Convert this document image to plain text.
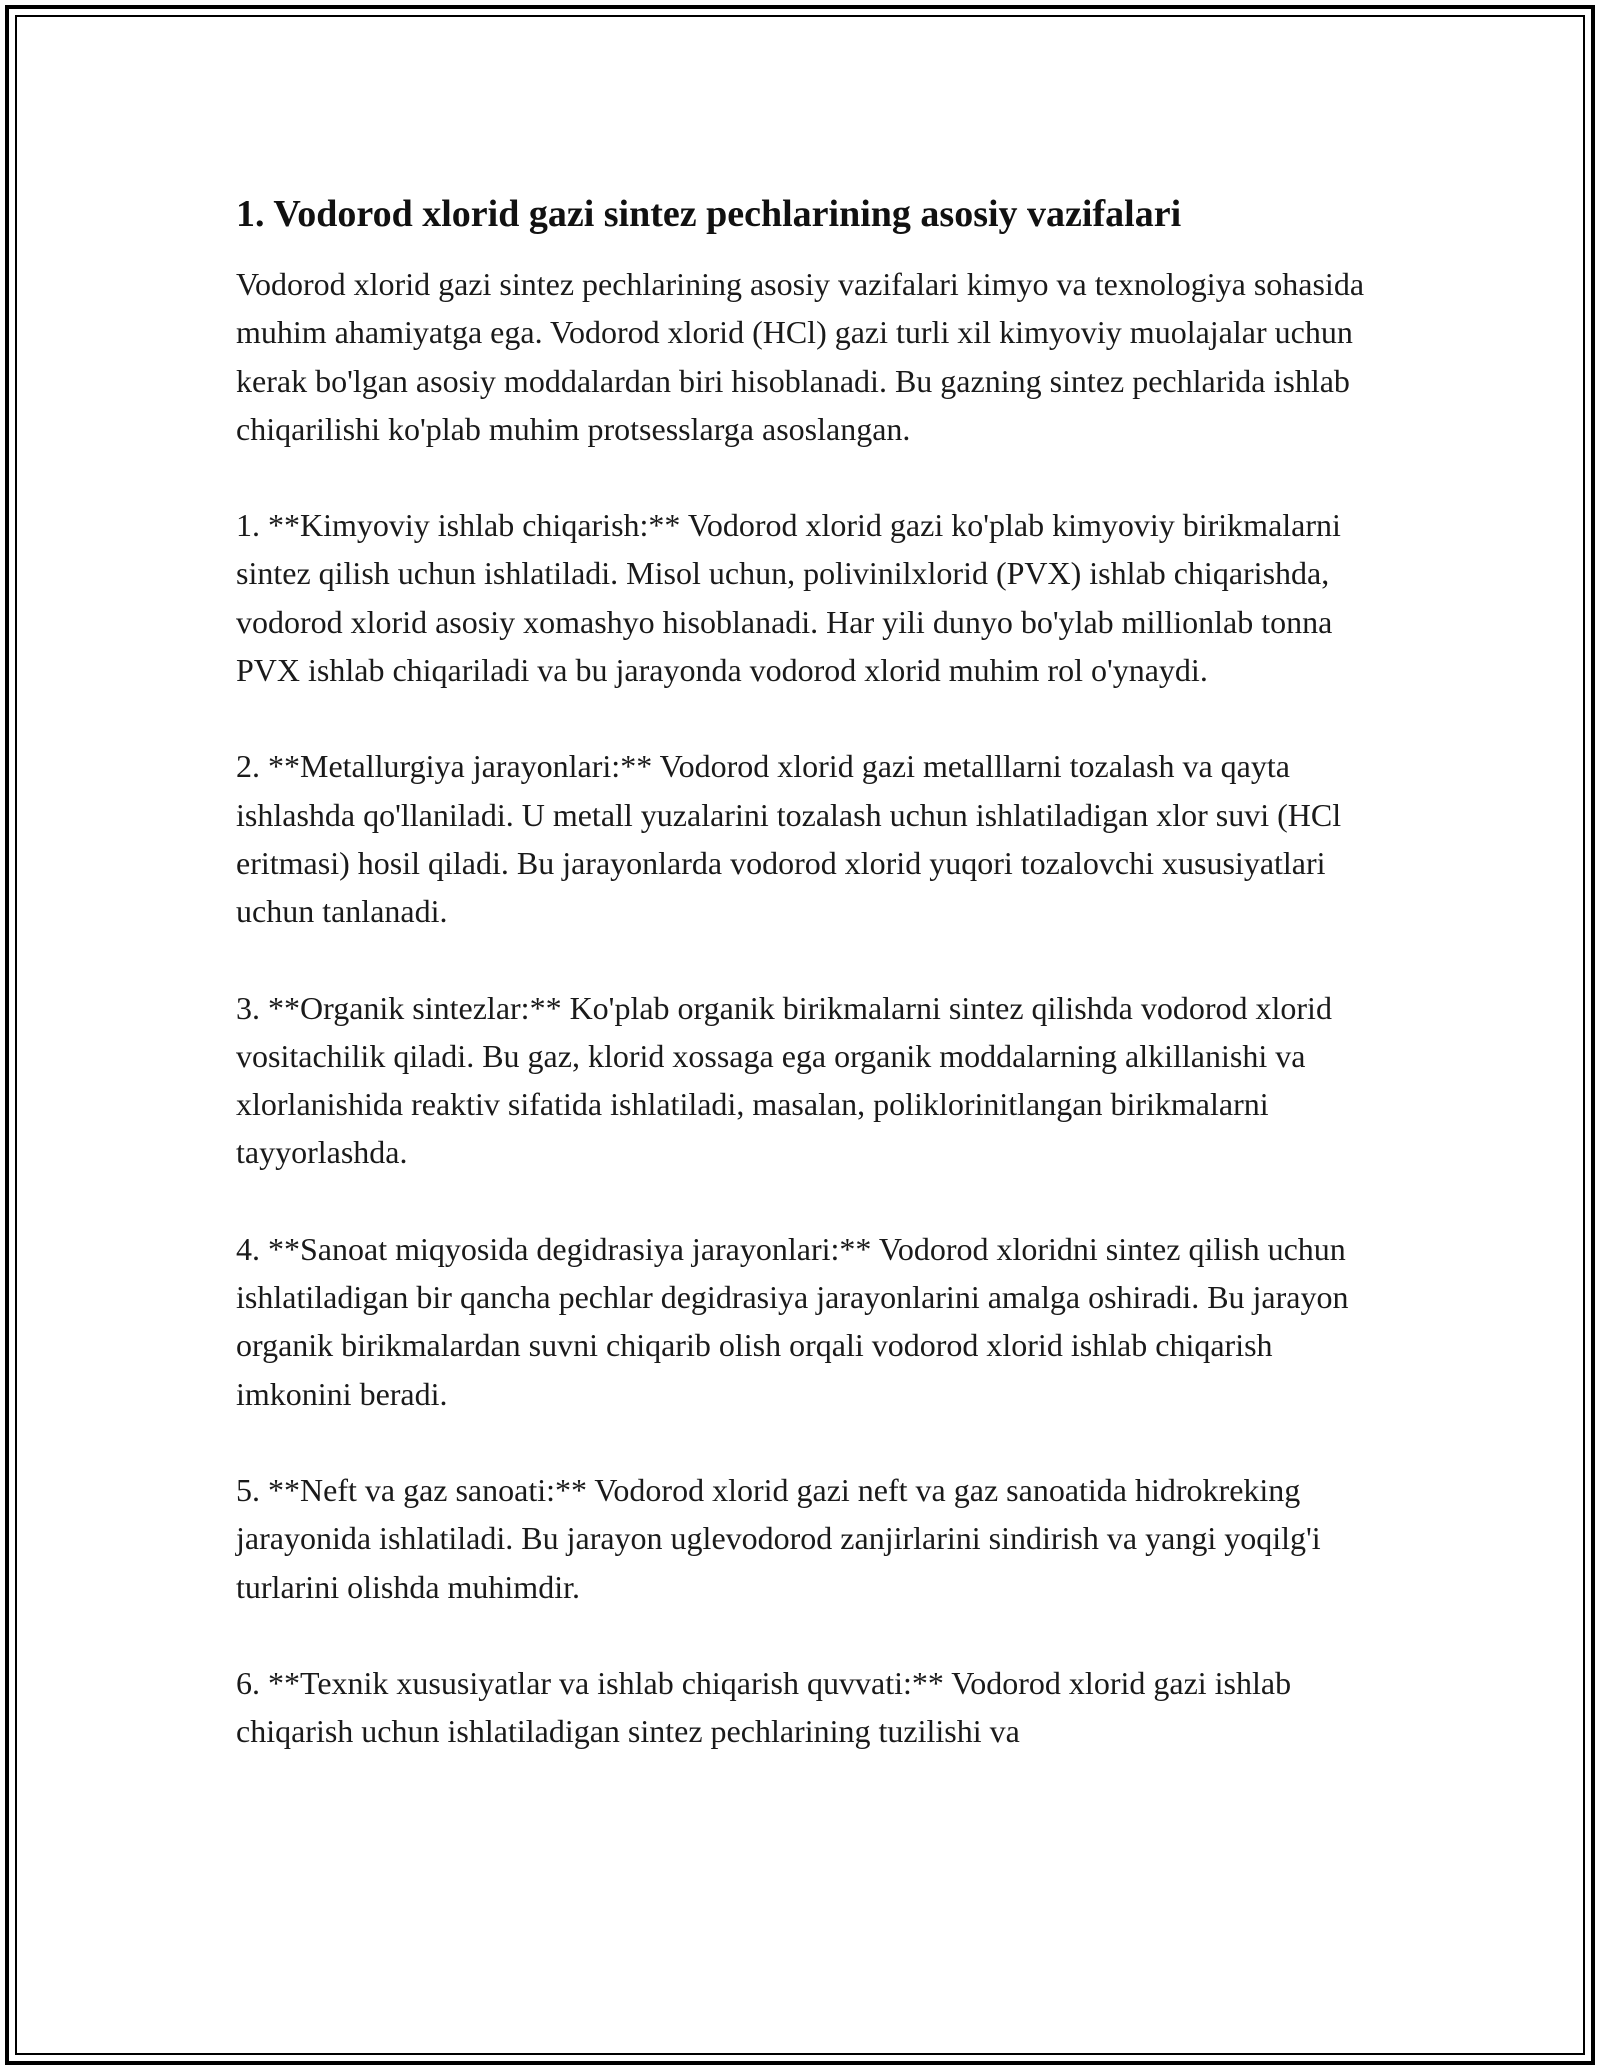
1. Vodorod xlorid gazi sintez pechlarining asosiy vazifalari

Vodorod xlorid gazi sintez pechlarining asosiy vazifalari kimyo va texnologiya sohasida muhim ahamiyatga ega. Vodorod xlorid (HCl) gazi turli xil kimyoviy muolajalar uchun kerak bo'lgan asosiy moddalardan biri hisoblanadi. Bu gazning sintez pechlarida ishlab chiqarilishi ko'plab muhim protsesslarga asoslangan.

1. **Kimyoviy ishlab chiqarish:** Vodorod xlorid gazi ko'plab kimyoviy birikmalarni sintez qilish uchun ishlatiladi. Misol uchun, polivinilxlorid (PVX) ishlab chiqarishda, vodorod xlorid asosiy xomashyo hisoblanadi. Har yili dunyo bo'ylab millionlab tonna PVX ishlab chiqariladi va bu jarayonda vodorod xlorid muhim rol o'ynaydi.

2. **Metallurgiya jarayonlari:** Vodorod xlorid gazi metalllarni tozalash va qayta ishlashda qo'llaniladi. U metall yuzalarini tozalash uchun ishlatiladigan xlor suvi (HCl eritmasi) hosil qiladi. Bu jarayonlarda vodorod xlorid yuqori tozalovchi xususiyatlari uchun tanlanadi.

3. **Organik sintezlar:** Ko'plab organik birikmalarni sintez qilishda vodorod xlorid vositachilik qiladi. Bu gaz, klorid xossaga ega organik moddalarning alkillanishi va xlorlanishida reaktiv sifatida ishlatiladi, masalan, poliklorinitlangan birikmalarni tayyorlashda.

4. **Sanoat miqyosida degidrasiya jarayonlari:** Vodorod xloridni sintez qilish uchun ishlatiladigan bir qancha pechlar degidrasiya jarayonlarini amalga oshiradi. Bu jarayon organik birikmalardan suvni chiqarib olish orqali vodorod xlorid ishlab chiqarish imkonini beradi.

5. **Neft va gaz sanoati:** Vodorod xlorid gazi neft va gaz sanoatida hidrokreking jarayonida ishlatiladi. Bu jarayon uglevodorod zanjirlarini sindirish va yangi yoqilg'i turlarini olishda muhimdir.

6. **Texnik xususiyatlar va ishlab chiqarish quvvati:** Vodorod xlorid gazi ishlab chiqarish uchun ishlatiladigan sintez pechlarining tuzilishi va
